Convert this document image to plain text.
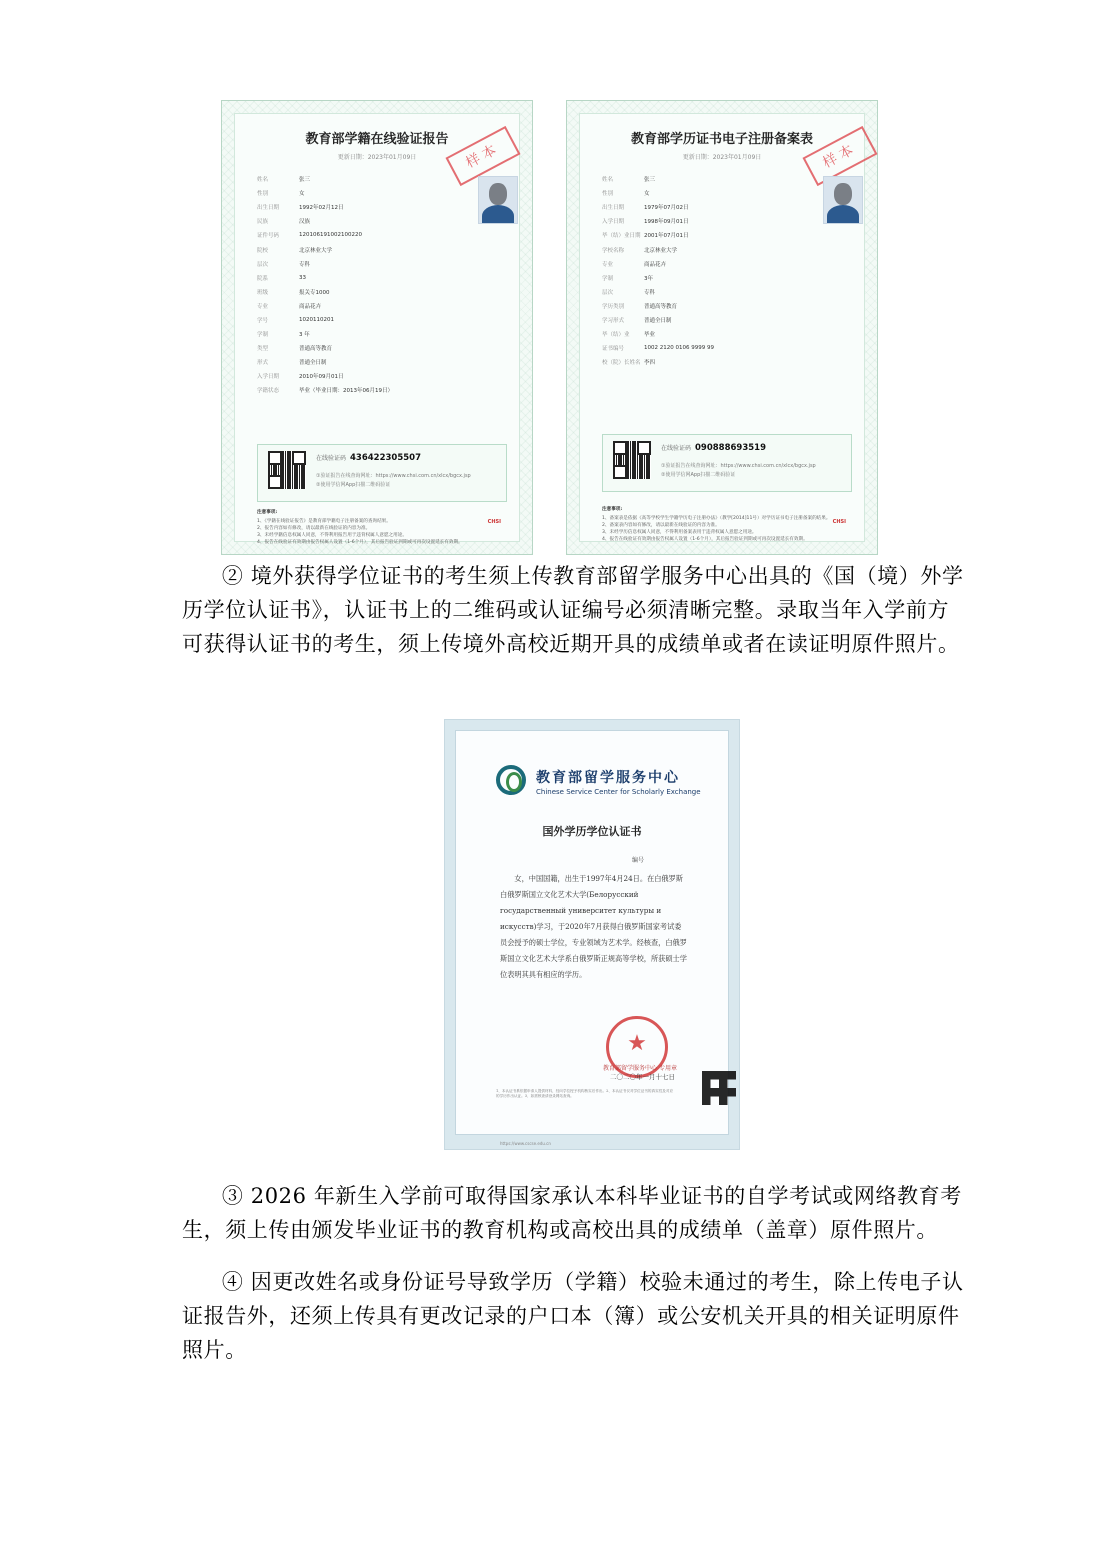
教育部学籍在线验证报告
更新日期：2023年01月09日	样本
姓名	张三
性别	女
出生日期	1992年02月12日
民族	汉族
证件号码	120106191002100220
院校	北京林业大学
层次	专科
院系	33
班级	报关专1000
专业	商品花卉
学号	1020110201
学制	3 年
类型	普通高等教育
形式	普通全日制
入学日期	2010年09月01日
学籍状态	毕业（毕业日期：2013年06月19日）
在线验证码 436422305507
①验证报告在线查询网址：https://www.chsi.com.cn/xlcx/bgcx.jsp
②使用学信网App扫描二维码验证
注意事项:
1、《学籍在线验证报告》是教育部学籍电子注册备案的查询结果。
2、报告内容如有修改，请以最新在线验证的内容为准。
3、未经学籍信息权属人同意，不得利用报告用于违背权属人意愿之用途。
4、报告在线验证有效期由报告权属人设置（1-6个月），其后报告验证到期或可再次设置延长有效期。
CHSI
教育部学历证书电子注册备案表
更新日期：2023年01月09日	样本
姓名	张三
性别	女
出生日期	1979年07月02日
入学日期	1998年09月01日
毕（结）业日期 2001年07月01日
学校名称	北京林业大学
专业	商品花卉
学制	3年
层次	专科
学历类别	普通高等教育
学习形式	普通全日制
毕（结）业	毕业
证书编号	1002 2120 0106 9999 99
校（院）长姓名 李四
在线验证码 090888693519
①验证报告在线查询网址：https://www.chsi.com.cn/xlcx/bgcx.jsp
②使用学信网App扫描二维码验证
注意事项:
1、备案表是依据《高等学校学生学籍学历电子注册办法》（教学[2014]11号）对学历证书电子注册备案的结果。
2、备案表内容如有修改，请以最新在线验证的内容为准。
3、未经学历信息权属人同意，不得利用备案表用于违背权属人意愿之用途。
4、报告在线验证有效期由报告权属人设置（1-6个月），其后报告验证到期或可再次设置延长有效期。
CHSI

② 境外获得学位证书的考生须上传教育部留学服务中心出具的《国（境）外学历学位认证书》，认证书上的二维码或认证编号必须清晰完整。录取当年入学前方可获得认证书的考生，须上传境外高校近期开具的成绩单或者在读证明原件照片。

教育部留学服务中心
Chinese Service Center for Scholarly Exchange
国外学历学位认证书
编号
女，中国国籍，出生于1997年4月24日。在白俄罗斯白俄罗斯国立文化艺术大学(Белорусский государственный университет культуры и искусств)学习，于2020年7月获得白俄罗斯国家考试委员会授予的硕士学位，专业领域为艺术学。经核查，白俄罗斯国立文化艺术大学系白俄罗斯正规高等学校，所获硕士学位表明其具有相应的学历。
★
教育部留学服务中心 专用章
二〇二〇年一月十七日
1、本认证书系依据申请人提供材料，经向学位授予机构核实后作出。2、本认证书仅对学位证书的真实性及对应的学历作出认证。3、如需核查请登录网站查询。
https://www.cscse.edu.cn

③ 2026 年新生入学前可取得国家承认本科毕业证书的自学考试或网络教育考生，须上传由颁发毕业证书的教育机构或高校出具的成绩单（盖章）原件照片。

④ 因更改姓名或身份证号导致学历（学籍）校验未通过的考生，除上传电子认证报告外，还须上传具有更改记录的户口本（簿）或公安机关开具的相关证明原件照片。
